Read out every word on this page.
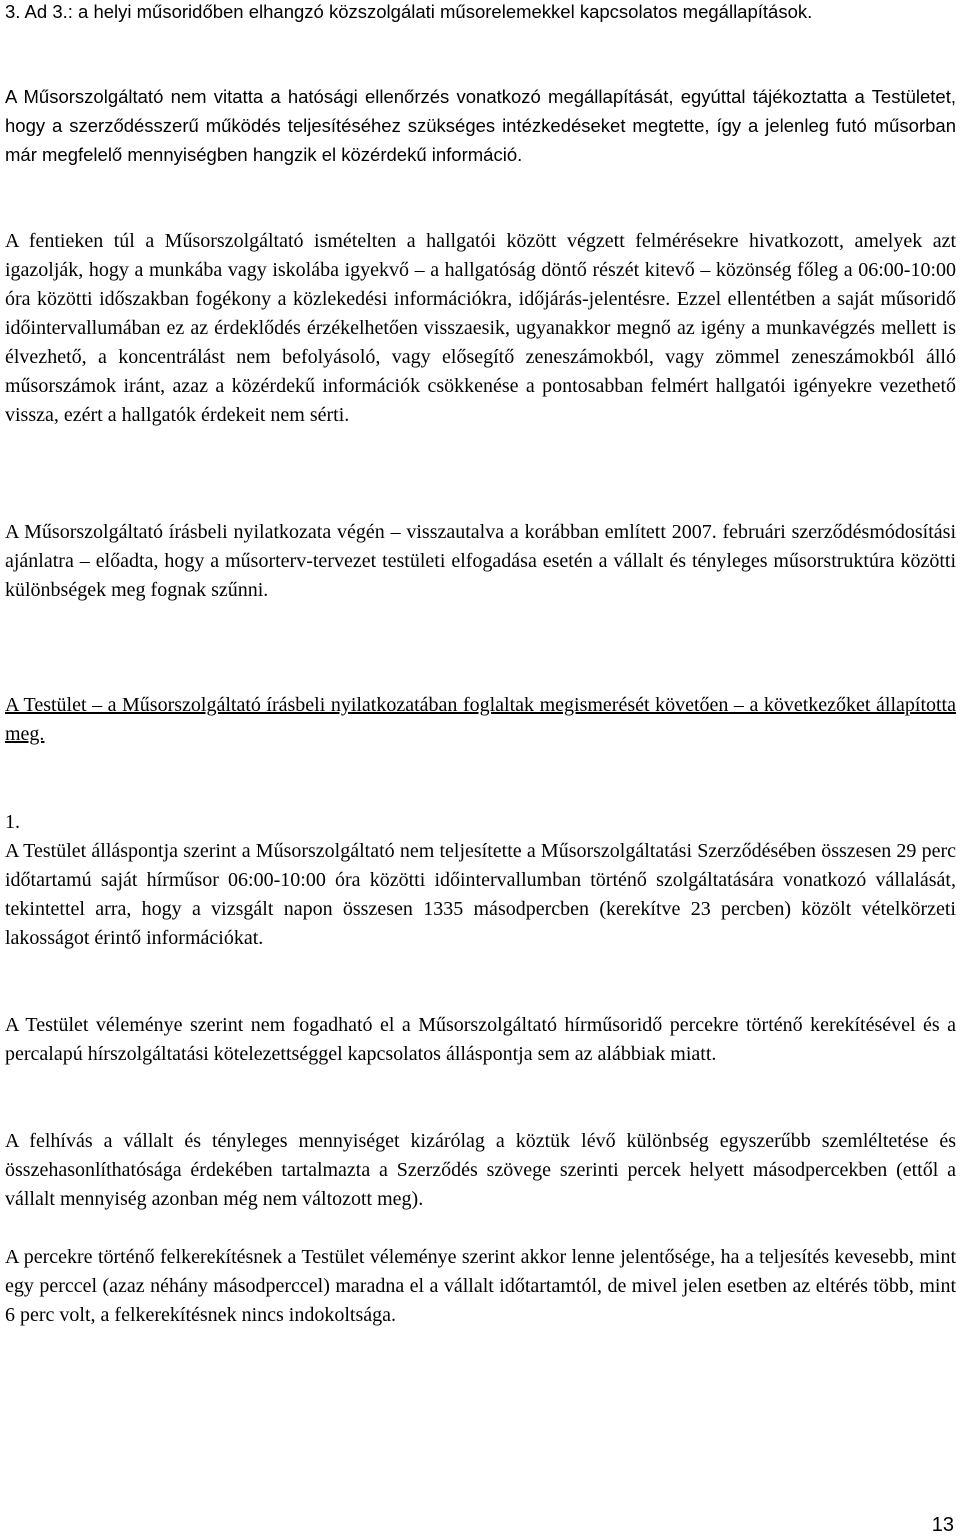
3. Ad 3.: a helyi műsoridőben elhangzó közszolgálati műsorelemekkel kapcsolatos megállapítások.

A Műsorszolgáltató nem vitatta a hatósági ellenőrzés vonatkozó megállapítását, egyúttal tájékoztatta a Testületet, hogy a szerződésszerű működés teljesítéséhez szükséges intézkedéseket megtette, így a jelenleg futó műsorban már megfelelő mennyiségben hangzik el közérdekű információ.

A fentieken túl a Műsorszolgáltató ismételten a hallgatói között végzett felmérésekre hivatkozott, amelyek azt igazolják, hogy a munkába vagy iskolába igyekvő – a hallgatóság döntő részét kitevő – közönség főleg a 06:00-10:00 óra közötti időszakban fogékony a közlekedési információkra, időjárás-jelentésre. Ezzel ellentétben a saját műsoridő időintervallumában ez az érdeklődés érzékelhetően visszaesik, ugyanakkor megnő az igény a munkavégzés mellett is élvezhető, a koncentrálást nem befolyásoló, vagy elősegítő zeneszámokból, vagy zömmel zeneszámokból álló műsorszámok iránt, azaz a közérdekű információk csökkenése a pontosabban felmért hallgatói igényekre vezethető vissza, ezért a hallgatók érdekeit nem sérti.

A Műsorszolgáltató írásbeli nyilatkozata végén – visszautalva a korábban említett 2007. februári szerződésmódosítási ajánlatra – előadta, hogy a műsorterv-tervezet testületi elfogadása esetén a vállalt és tényleges műsorstruktúra közötti különbségek meg fognak szűnni.

A Testület – a Műsorszolgáltató írásbeli nyilatkozatában foglaltak megismerését követően – a következőket állapította meg.

1.

A Testület álláspontja szerint a Műsorszolgáltató nem teljesítette a Műsorszolgáltatási Szerződésében összesen 29 perc időtartamú saját hírműsor 06:00-10:00 óra közötti időintervallumban történő szolgáltatására vonatkozó vállalását, tekintettel arra, hogy a vizsgált napon összesen 1335 másodpercben (kerekítve 23 percben) közölt vételkörzeti lakosságot érintő információkat.

A Testület véleménye szerint nem fogadható el a Műsorszolgáltató hírműsoridő percekre történő kerekítésével és a percalapú hírszolgáltatási kötelezettséggel kapcsolatos álláspontja sem az alábbiak miatt.

A felhívás a vállalt és tényleges mennyiséget kizárólag a köztük lévő különbség egyszerűbb szemléltetése és összehasonlíthatósága érdekében tartalmazta a Szerződés szövege szerinti percek helyett másodpercekben (ettől a vállalt mennyiség azonban még nem változott meg).

A percekre történő felkerekítésnek a Testület véleménye szerint akkor lenne jelentősége, ha a teljesítés kevesebb, mint egy perccel (azaz néhány másodperccel) maradna el a vállalt időtartamtól, de mivel jelen esetben az eltérés több, mint 6 perc volt, a felkerekítésnek nincs indokoltsága.

13
